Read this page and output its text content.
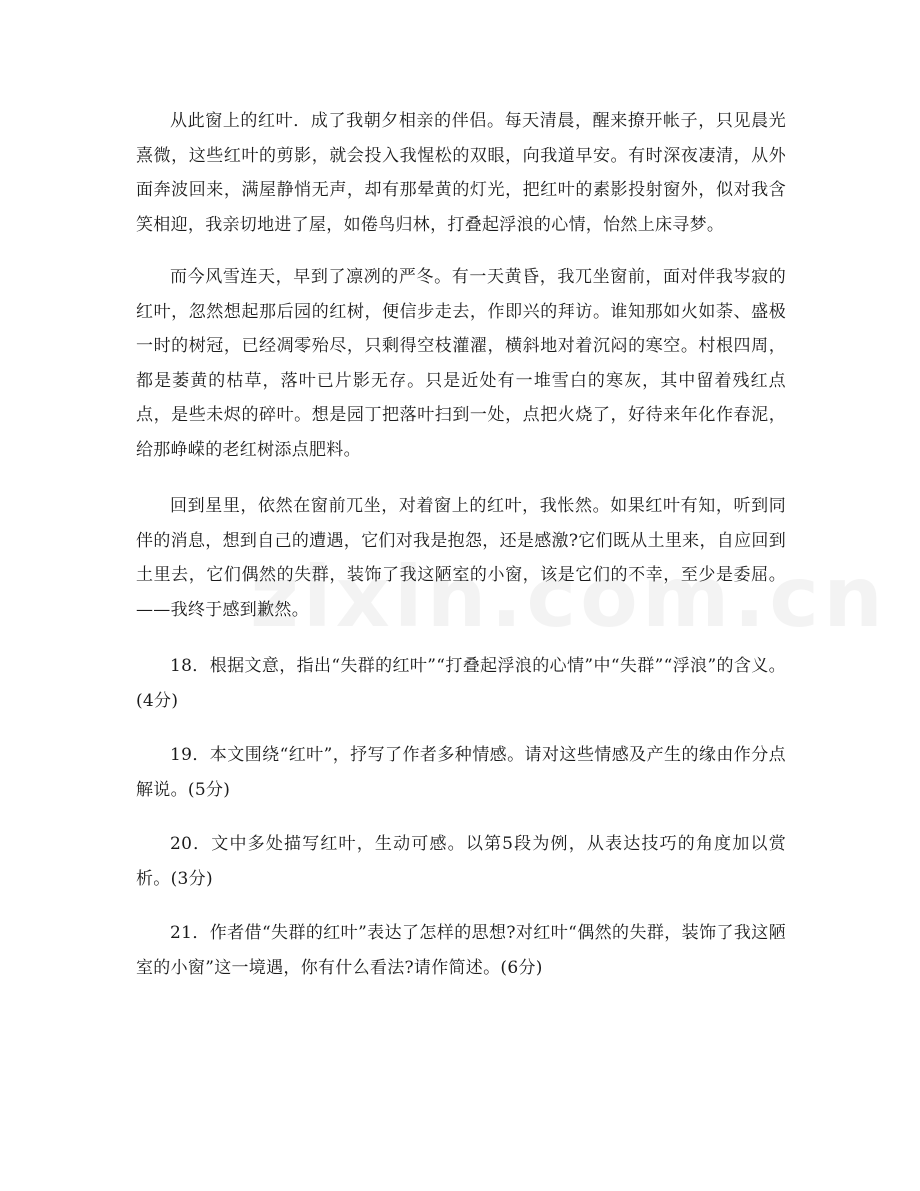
从此窗上的红叶．成了我朝夕相亲的伴侣。每天清晨，醒来撩开帐子，只见晨光熹微，这些红叶的剪影，就会投入我惺松的双眼，向我道早安。有时深夜凄清，从外面奔波回来，满屋静悄无声，却有那晕黄的灯光，把红叶的素影投射窗外，似对我含笑相迎，我亲切地进了屋，如倦鸟归林，打叠起浮浪的心情，怡然上床寻梦。

而今风雪连天，早到了凛冽的严冬。有一天黄昏，我兀坐窗前，面对伴我岑寂的红叶，忽然想起那后园的红树，便信步走去，作即兴的拜访。谁知那如火如荼、盛极一时的树冠，已经凋零殆尽，只剩得空枝灌濯，横斜地对着沉闷的寒空。村根四周，都是萎黄的枯草，落叶已片影无存。只是近处有一堆雪白的寒灰，其中留着残红点点，是些未烬的碎叶。想是园丁把落叶扫到一处，点把火烧了，好待来年化作春泥，给那峥嵘的老红树添点肥料。

回到星里，依然在窗前兀坐，对着窗上的红叶，我怅然。如果红叶有知，听到同伴的消息，想到自己的遭遇，它们对我是抱怨，还是感激?它们既从土里来，自应回到土里去，它们偶然的失群，装饰了我这陋室的小窗，该是它们的不幸，至少是委屈。——我终于感到歉然。

18．根据文意，指出“失群的红叶”“打叠起浮浪的心情”中“失群”“浮浪”的含义。(4分)

19．本文围绕“红叶”，抒写了作者多种情感。请对这些情感及产生的缘由作分点解说。(5分)

20．文中多处描写红叶，生动可感。以第5段为例，从表达技巧的角度加以赏析。(3分)

21．作者借“失群的红叶”表达了怎样的思想?对红叶“偶然的失群，装饰了我这陋室的小窗”这一境遇，你有什么看法?请作简述。(6分)
